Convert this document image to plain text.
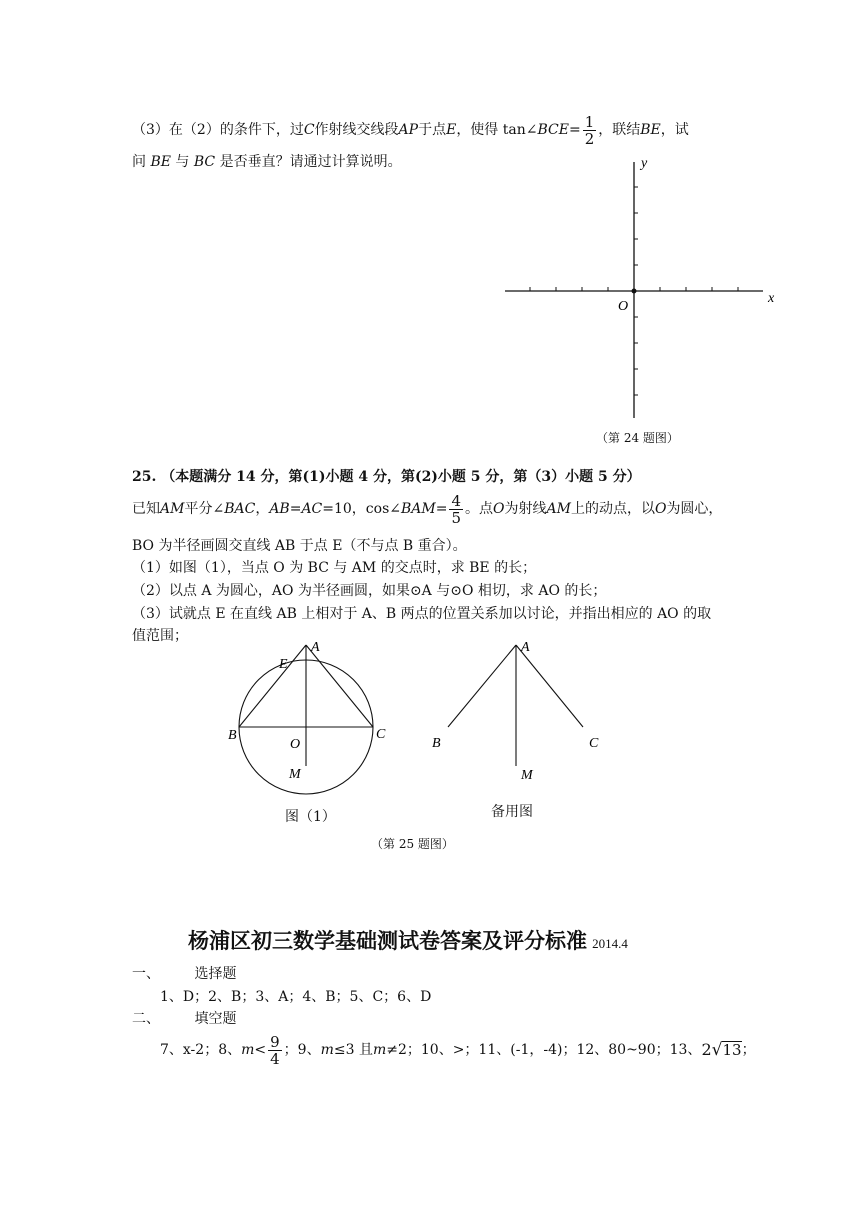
（3）在（2）的条件下，过 C 作射线交线段 AP 于点 E ，使得 tan∠ BCE = $\frac{1}{2}$ ，联结 BE ，试
问 BE 与 BC 是否垂直？请通过计算说明。	y
x
O
（第 24 题图）
25. （本题满分 14 分，第(1)小题 4 分，第(2)小题 5 分，第（3）小题 5 分）
已知 AM 平分∠ BAC ， AB=AC =10，cos∠ BAM = $\frac{4}{5}$ 。点 O 为射线 AM 上的动点，以 O 为圆心，
BO 为半径画圆交直线 AB 于点 E（不与点 B 重合）。
（1）如图（1），当点 O 为 BC 与 AM 的交点时，求 BE 的长；
（2）以点 A 为圆心，AO 为半径画圆，如果⊙A 与⊙O 相切，求 AO 的长；
（3）试就点 E 在直线 AB 上相对于 A、B 两点的位置关系加以讨论，并指出相应的 AO 的取
值范围；
A
E
B
O
C
M
A
B	C
M
图（1）	备用图
（第 25 题图）
杨浦区初三数学基础测试卷答案及评分标准 2014.4
一、 选择题
1、D；2、B；3、A；4、B；5、C；6、D
二、 填空题
7、x-2；8、 $m < \frac{9}{4}$ ；9、 m ≤3 且 m ≠2 ；10、>；11、(-1，-4)；12、80~90；13、 2 √ 13 ；
